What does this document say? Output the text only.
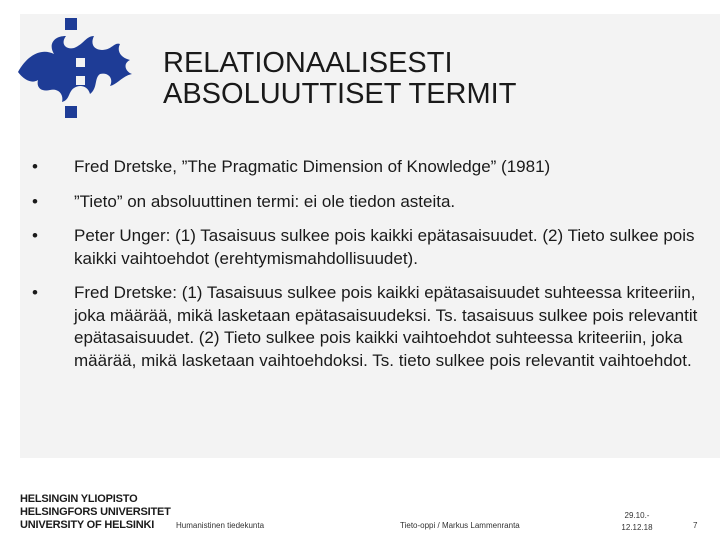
RELATIONAALISESTI
ABSOLUUTTISET TERMIT
• Fred Dretske, ”The Pragmatic Dimension of Knowledge” (1981)
• ”Tieto” on absoluuttinen termi: ei ole tiedon asteita.
• Peter Unger: (1) Tasaisuus sulkee pois kaikki epätasaisuudet. (2) Tieto sulkee pois kaikki vaihtoehdot (erehtymismahdollisuudet).
• Fred Dretske: (1) Tasaisuus sulkee pois kaikki epätasaisuudet suhteessa kriteeriin, joka määrää, mikä lasketaan epätasaisuudeksi. Ts. tasaisuus sulkee pois relevantit epätasaisuudet. (2) Tieto sulkee pois kaikki vaihtoehdot suhteessa kriteeriin, joka määrää, mikä lasketaan vaihtoehdoksi. Ts. tieto sulkee pois relevantit vaihtoehdot.
HELSINGIN YLIOPISTO
HELSINGFORS UNIVERSITET
UNIVERSITY OF HELSINKI	Humanistinen tiedekunta	Tieto-oppi / Markus Lammenranta
29.10.-
12.12.18	7
